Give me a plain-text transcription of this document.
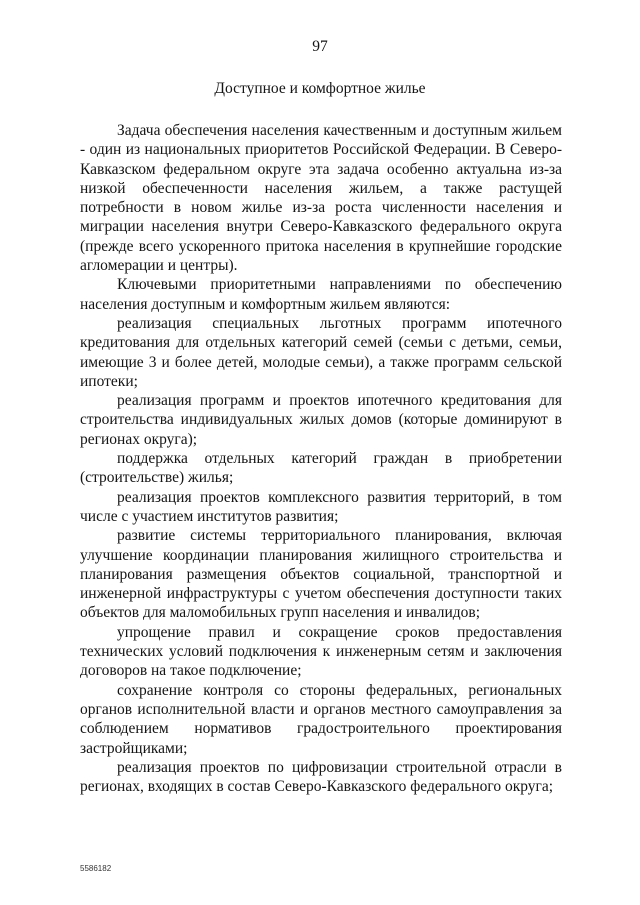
97
Доступное и комфортное жилье

Задача обеспечения населения качественным и доступным жильем - один из национальных приоритетов Российской Федерации. В Северо-Кавказском федеральном округе эта задача особенно актуальна из-за низкой обеспеченности населения жильем, а также растущей потребности в новом жилье из-за роста численности населения и миграции населения внутри Северо-Кавказского федерального округа (прежде всего ускоренного притока населения в крупнейшие городские агломерации и центры).

Ключевыми приоритетными направлениями по обеспечению населения доступным и комфортным жильем являются:

реализация специальных льготных программ ипотечного кредитования для отдельных категорий семей (семьи с детьми, семьи, имеющие 3 и более детей, молодые семьи), а также программ сельской ипотеки;

реализация программ и проектов ипотечного кредитования для строительства индивидуальных жилых домов (которые доминируют в регионах округа);

поддержка отдельных категорий граждан в приобретении (строительстве) жилья;

реализация проектов комплексного развития территорий, в том числе с участием институтов развития;

развитие системы территориального планирования, включая улучшение координации планирования жилищного строительства и планирования размещения объектов социальной, транспортной и инженерной инфраструктуры с учетом обеспечения доступности таких объектов для маломобильных групп населения и инвалидов;

упрощение правил и сокращение сроков предоставления технических условий подключения к инженерным сетям и заключения договоров на такое подключение;

сохранение контроля со стороны федеральных, региональных органов исполнительной власти и органов местного самоуправления за соблюдением нормативов градостроительного проектирования застройщиками;

реализация проектов по цифровизации строительной отрасли в регионах, входящих в состав Северо-Кавказского федерального округа;

5586182
